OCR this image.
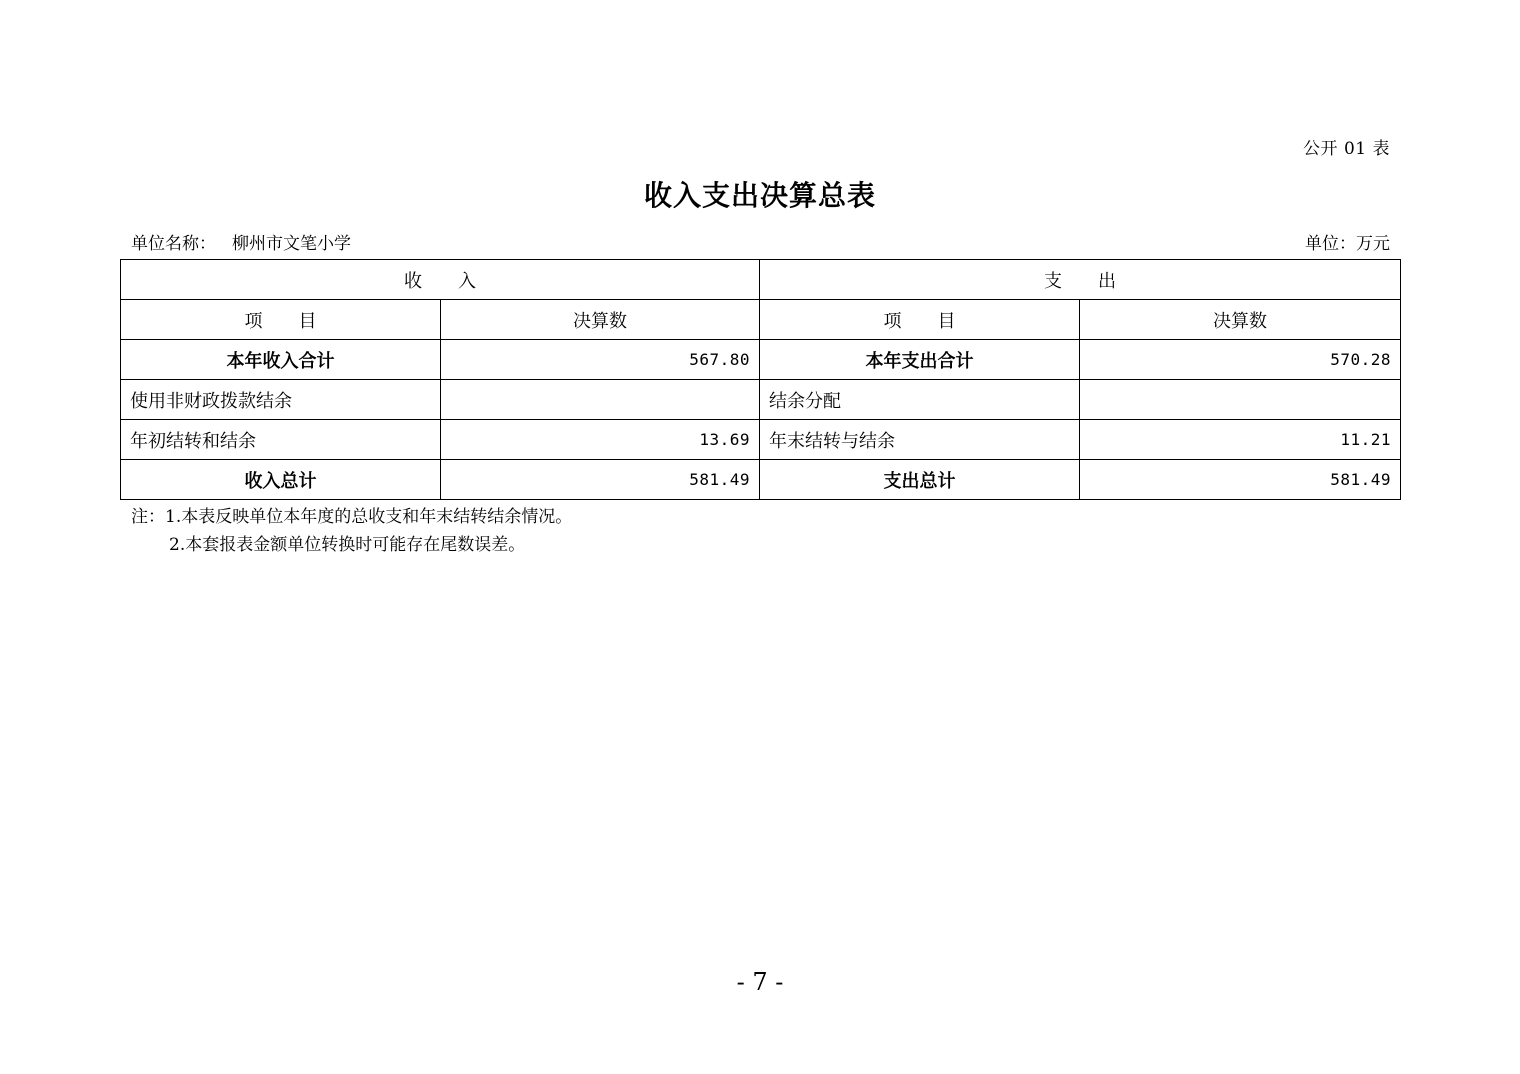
公开 01 表
收入支出决算总表
单位名称： 柳州市文笔小学	单位：万元
收　　入		支　　出	
项　　目	决算数	项　　目	决算数
本年收入合计	567.80	本年支出合计	570.28
使用非财政拨款结余		结余分配	
年初结转和结余	13.69	年末结转与结余	11.21
收入总计	581.49	支出总计	581.49
注：1.本表反映单位本年度的总收支和年末结转结余情况。
2.本套报表金额单位转换时可能存在尾数误差。
- 7 -
